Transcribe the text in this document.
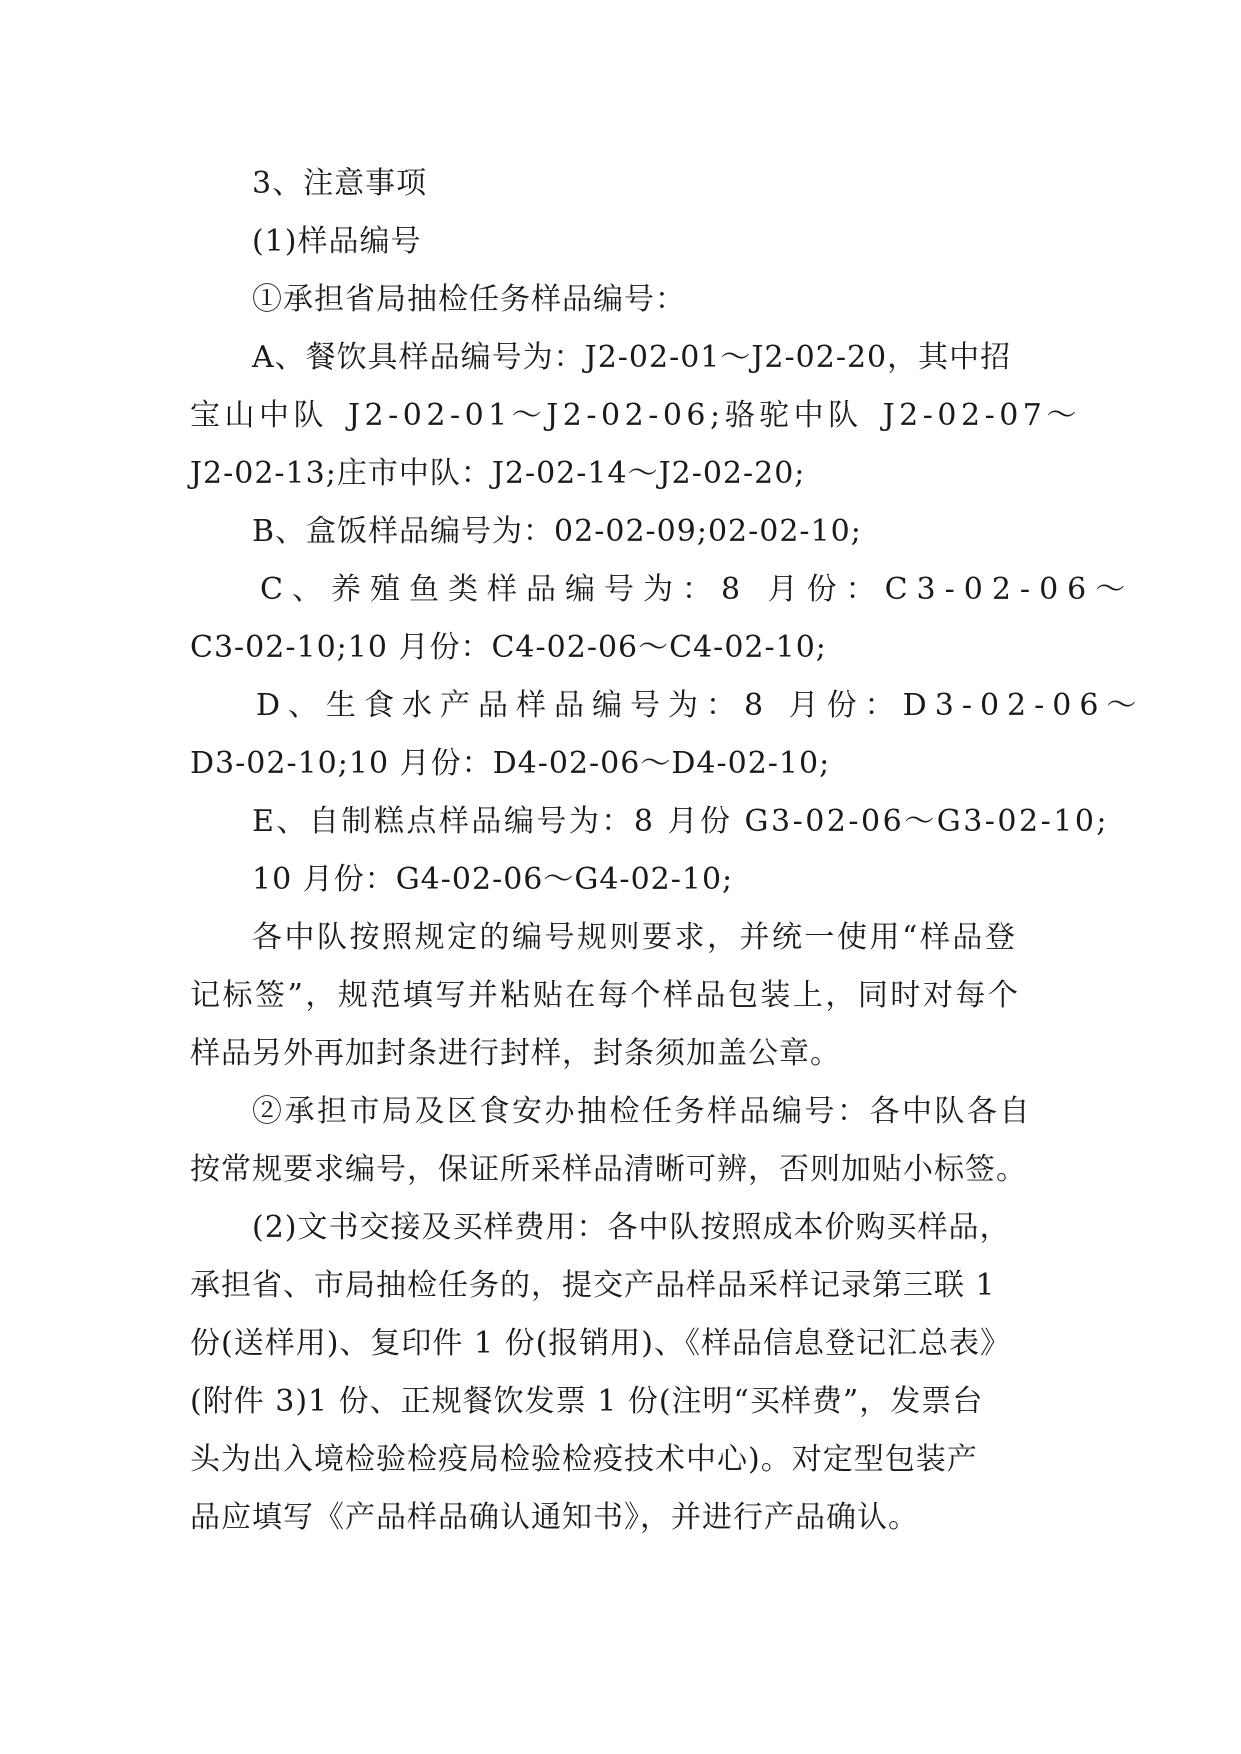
3、注意事项
(1)样品编号
①承担省局抽检任务样品编号：
A、餐饮具样品编号为：J2-02-01～J2-02-20，其中招
宝山中队 J2-02-01～J2-02-06;骆驼中队 J2-02-07～
J2-02-13;庄市中队：J2-02-14～J2-02-20;
B、盒饭样品编号为：02-02-09;02-02-10;
C、养殖鱼类样品编号为：8 月份：C3-02-06～
C3-02-10;10 月份：C4-02-06～C4-02-10;
D、生食水产品样品编号为：8 月份：D3-02-06～
D3-02-10;10 月份：D4-02-06～D4-02-10;
E、自制糕点样品编号为：8 月份 G3-02-06～G3-02-10;
10 月份：G4-02-06～G4-02-10;
各中队按照规定的编号规则要求，并统一使用“样品登
记标签”，规范填写并粘贴在每个样品包装上，同时对每个
样品另外再加封条进行封样，封条须加盖公章。
②承担市局及区食安办抽检任务样品编号：各中队各自
按常规要求编号，保证所采样品清晰可辨，否则加贴小标签。
(2)文书交接及买样费用：各中队按照成本价购买样品，
承担省、市局抽检任务的，提交产品样品采样记录第三联 1
份(送样用)、复印件 1 份(报销用)、《样品信息登记汇总表》
(附件 3)1 份、正规餐饮发票 1 份(注明“买样费”，发票台
头为出入境检验检疫局检验检疫技术中心)。对定型包装产
品应填写《产品样品确认通知书》，并进行产品确认。
